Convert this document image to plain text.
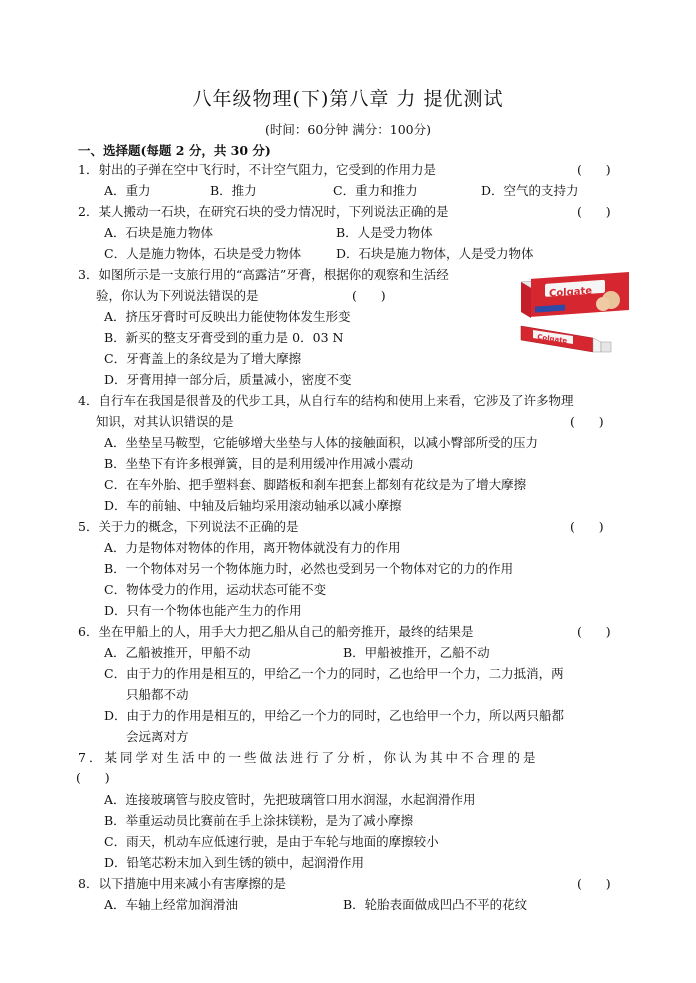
八年级物理(下)第八章 力 提优测试
(时间：60分钟 满分：100分)
一、选择题(每题 2 分，共 30 分)
1．射出的子弹在空中飞行时，不计空气阻力，它受到的作用力是	(      )
A．重力	B．推力	C．重力和推力	D．空气的支持力
2．某人搬动一石块，在研究石块的受力情况时，下列说法正确的是	(      )
A．石块是施力物体	B．人是受力物体
C．人是施力物体，石块是受力物体	D．石块是施力物体，人是受力物体
3．如图所示是一支旅行用的“高露洁”牙膏，根据你的观察和生活经
验，你认为下列说法错误的是	(      )
A．挤压牙膏时可反映出力能使物体发生形变
B．新买的整支牙膏受到的重力是 0．03 N
C．牙膏盖上的条纹是为了增大摩擦
D．牙膏用掉一部分后，质量减小，密度不变
Colgate
Colgate
4．自行车在我国是很普及的代步工具，从自行车的结构和使用上来看，它涉及了许多物理
知识，对其认识错误的是	(      )
A．坐垫呈马鞍型，它能够增大坐垫与人体的接触面积，以减小臀部所受的压力
B．坐垫下有许多根弹簧，目的是利用缓冲作用减小震动
C．在车外胎、把手塑料套、脚踏板和刹车把套上都刻有花纹是为了增大摩擦
D．车的前轴、中轴及后轴均采用滚动轴承以减小摩擦
5．关于力的概念，下列说法不正确的是	(      )
A．力是物体对物体的作用，离开物体就没有力的作用
B．一个物体对另一个物体施力时，必然也受到另一个物体对它的力的作用
C．物体受力的作用，运动状态可能不变
D．只有一个物体也能产生力的作用
6．坐在甲船上的人，用手大力把乙船从自己的船旁推开，最终的结果是	(      )
A．乙船被推开，甲船不动	B．甲船被推开，乙船不动
C．由于力的作用是相互的，甲给乙一个力的同时，乙也给甲一个力，二力抵消，两
只船都不动
D．由于力的作用是相互的，甲给乙一个力的同时，乙也给甲一个力，所以两只船都
会远离对方
7．某同学对生活中的一些做法进行了分析，你认为其中不合理的是
(      )
A．连接玻璃管与胶皮管时，先把玻璃管口用水润湿，水起润滑作用
B．举重运动员比赛前在手上涂抹镁粉，是为了减小摩擦
C．雨天，机动车应低速行驶，是由于车轮与地面的摩擦较小
D．铅笔芯粉末加入到生锈的锁中，起润滑作用
8．以下措施中用来减小有害摩擦的是	(      )
A．车轴上经常加润滑油	B．轮胎表面做成凹凸不平的花纹
